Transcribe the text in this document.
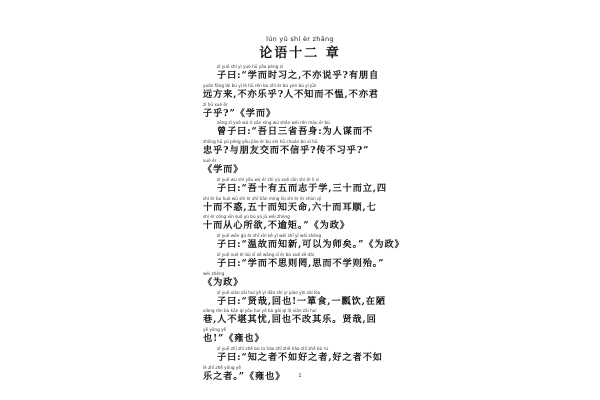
lún yǔ shí èr zhāng
论语十二 章
zǐ yuē shí yì yuè hū yǒu péng zì
子曰:“学而时习之,不亦说乎?有朋自
yuǎn fāng lái bú yì lè hū rén bù zhī ér bù yùn bú yì jūn
远方来,不亦乐乎?人不知而不愠,不亦君
zǐ hū xué ér
子乎?”《学而》
zēng zǐ yuē wú rì sān xǐng wú shēn wèi rén móu ér bù
曾子曰:“吾日三省吾身:为人谋而不
zhōng hū yǔ péng yǒu jiāo ér bù xìn hū chuán bù xí hū
忠乎?与朋友交而不信乎?传不习乎?”
xué ér
《学而》
zǐ yuē wú shí yǒu wǔ ér zhì yú xué sān shí ér lì sì
子曰:“吾十有五而志于学,三十而立,四
shí ér bú huò wǔ shí ér zhī tiān mìng liù shí ér ěr shùn qī
十而不惑,五十而知天命,六十而耳顺,七
shí ér cóng xīn suǒ yù bù yú jǔ wéi zhèng
十而从心所欲,不逾矩。”《为政》
zǐ yuē wēn gù ér zhī xīn kě yǐ wéi shī yǐ wéi zhèng
子曰:“温故而知新,可以为师矣。”《为政》
zǐ yuē xué ér bù sī zé wǎng sī ér bù xué zé dài
子曰:“学而不思则罔,思而不学则殆。”
wéi zhèng
《为政》
zǐ yuē xián zāi huí yě yì dān shí yì piáo yǐn zài lòu
子曰:“贤哉,回也!一箪食,一瓢饮,在陋
xiàng rén bù kān qí yōu huí yě bù gǎi qí lè xián zāi huí
巷,人不堪其忧,回也不改其乐。贤哉,回
yě yōng yě
也!”《雍也》
zǐ yuē zhī zhī zhě bù rú hǎo zhī zhě hǎo zhī zhě bù rú
子曰:“知之者不如好之者,好之者不如
lè zhī zhě yōng yě
乐之者。”《雍也》	1
